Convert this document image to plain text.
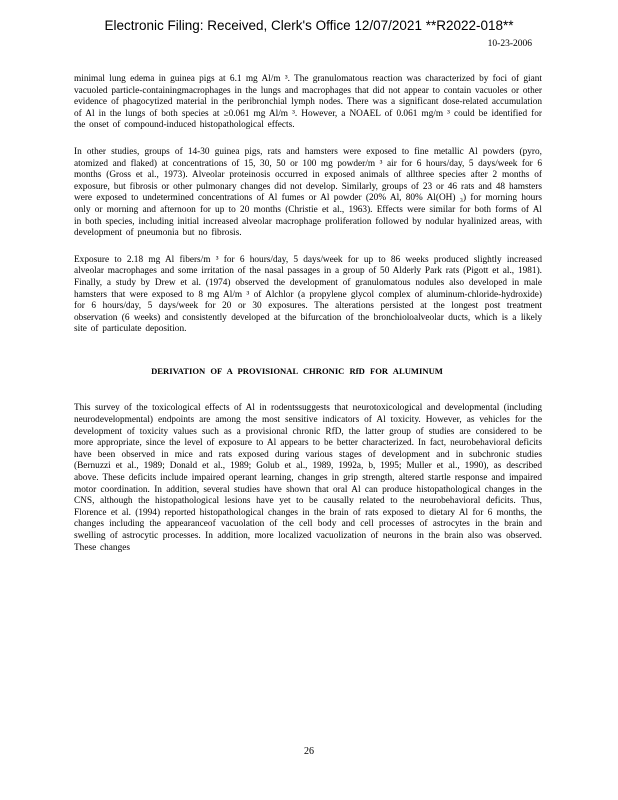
Electronic Filing: Received, Clerk's Office 12/07/2021 **R2022-018**
10-23-2006

minimal lung edema in guinea pigs at 6.1 mg Al/m ³. The granulomatous reaction was characterized by foci of giant vacuoled particle-containingmacrophages in the lungs and macrophages that did not appear to contain vacuoles or other evidence of phagocytized material in the peribronchial lymph nodes. There was a significant dose-related accumulation of Al in the lungs of both species at ≥0.061 mg Al/m ³. However, a NOAEL of 0.061 mg/m ³ could be identified for the onset of compound-induced histopathological effects.

In other studies, groups of 14-30 guinea pigs, rats and hamsters were exposed to fine metallic Al powders (pyro, atomized and flaked) at concentrations of 15, 30, 50 or 100 mg powder/m ³ air for 6 hours/day, 5 days/week for 6 months (Gross et al., 1973). Alveolar proteinosis occurred in exposed animals of allthree species after 2 months of exposure, but fibrosis or other pulmonary changes did not develop. Similarly, groups of 23 or 46 rats and 48 hamsters were exposed to undetermined concentrations of Al fumes or Al powder (20% Al, 80% Al(OH) ₃) for morning hours only or morning and afternoon for up to 20 months (Christie et al., 1963). Effects were similar for both forms of Al in both species, including initial increased alveolar macrophage proliferation followed by nodular hyalinized areas, with development of pneumonia but no fibrosis.

Exposure to 2.18 mg Al fibers/m ³ for 6 hours/day, 5 days/week for up to 86 weeks produced slightly increased alveolar macrophages and some irritation of the nasal passages in a group of 50 Alderly Park rats (Pigott et al., 1981). Finally, a study by Drew et al. (1974) observed the development of granulomatous nodules also developed in male hamsters that were exposed to 8 mg Al/m ³ of Alchlor (a propylene glycol complex of aluminum-chloride-hydroxide) for 6 hours/day, 5 days/week for 20 or 30 exposures. The alterations persisted at the longest post treatment observation (6 weeks) and consistently developed at the bifurcation of the bronchioloalveolar ducts, which is a likely site of particulate deposition.

DERIVATION OF A PROVISIONAL CHRONIC RfD FOR ALUMINUM

This survey of the toxicological effects of Al in rodentssuggests that neurotoxicological and developmental (including neurodevelopmental) endpoints are among the most sensitive indicators of Al toxicity. However, as vehicles for the development of toxicity values such as a provisional chronic RfD, the latter group of studies are considered to be more appropriate, since the level of exposure to Al appears to be better characterized. In fact, neurobehavioral deficits have been observed in mice and rats exposed during various stages of development and in subchronic studies (Bernuzzi et al., 1989; Donald et al., 1989; Golub et al., 1989, 1992a, b, 1995; Muller et al., 1990), as described above. These deficits include impaired operant learning, changes in grip strength, altered startle response and impaired motor coordination. In addition, several studies have shown that oral Al can produce histopathological changes in the CNS, although the histopathological lesions have yet to be causally related to the neurobehavioral deficits. Thus, Florence et al. (1994) reported histopathological changes in the brain of rats exposed to dietary Al for 6 months, the changes including the appearanceof vacuolation of the cell body and cell processes of astrocytes in the brain and swelling of astrocytic processes. In addition, more localized vacuolization of neurons in the brain also was observed. These changes

26
